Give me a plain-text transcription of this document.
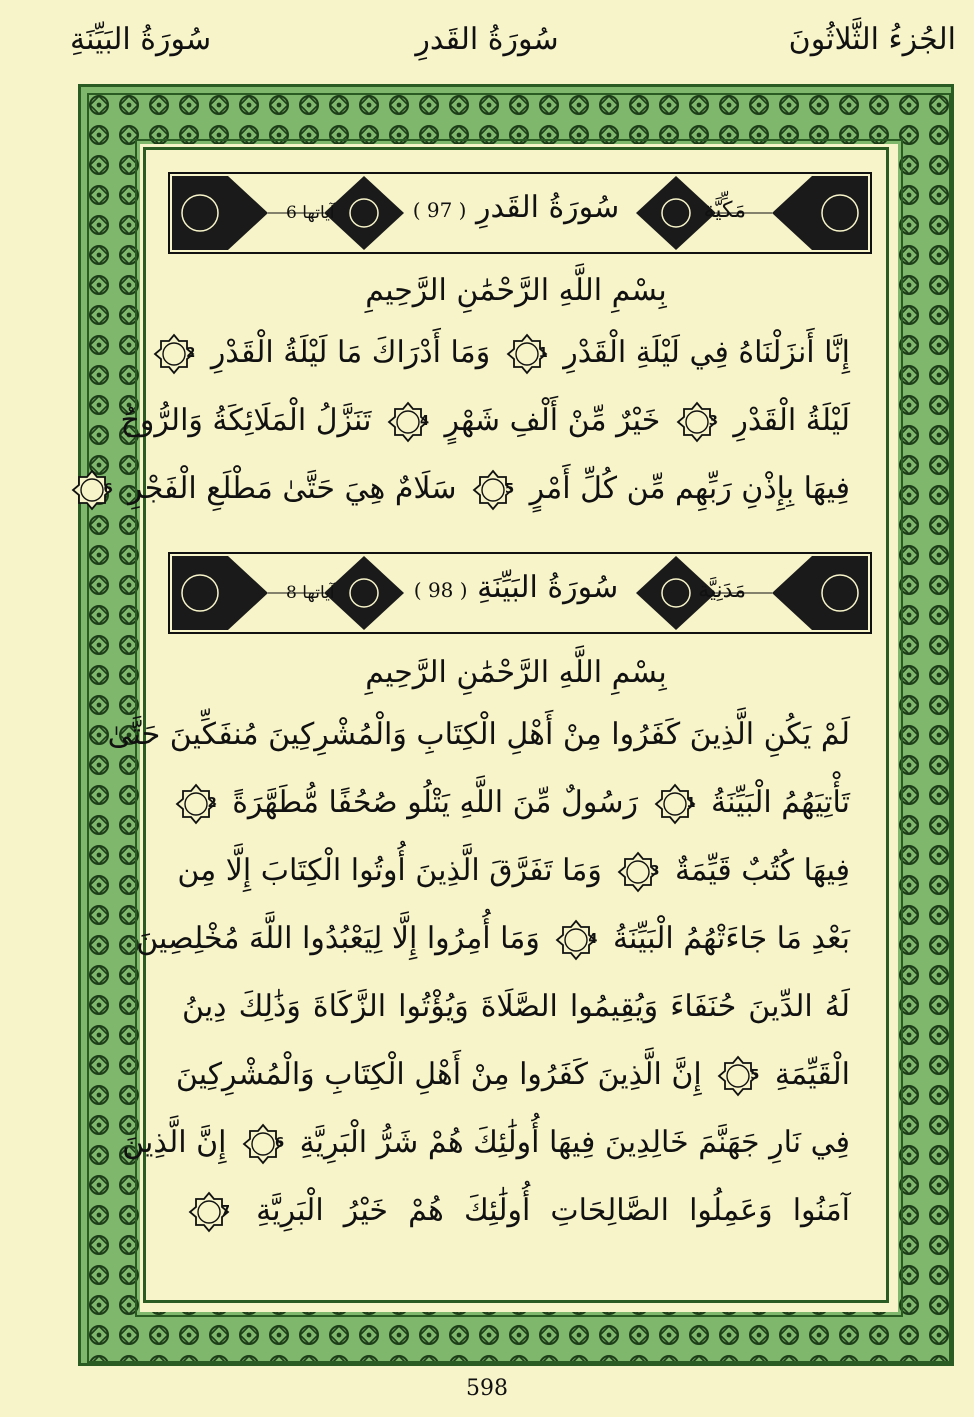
الجُزءُ الثَّلاثُونَ
سُورَةُ القَدرِ
سُورَةُ البَيِّنَةِ
مَكِّيَّة
سُورَةُ القَدرِ ( 97 )
آياتها 6
بِسْمِ اللَّهِ الرَّحْمَٰنِ الرَّحِيمِ
إِنَّا أَنزَلْنَاهُ فِي لَيْلَةِ الْقَدْرِ
1
وَمَا أَدْرَاكَ مَا لَيْلَةُ الْقَدْرِ
2
لَيْلَةُ الْقَدْرِ
3
خَيْرٌ مِّنْ أَلْفِ شَهْرٍ
4
تَنَزَّلُ الْمَلَائِكَةُ وَالرُّوحُ
فِيهَا بِإِذْنِ رَبِّهِم مِّن كُلِّ أَمْرٍ
5
سَلَامٌ هِيَ حَتَّىٰ مَطْلَعِ الْفَجْرِ
6
مَدَنِيَّة
سُورَةُ البَيِّنَةِ ( 98 )
آياتها 8
بِسْمِ اللَّهِ الرَّحْمَٰنِ الرَّحِيمِ
لَمْ يَكُنِ الَّذِينَ كَفَرُوا مِنْ أَهْلِ الْكِتَابِ وَالْمُشْرِكِينَ مُنفَكِّينَ حَتَّىٰ
تَأْتِيَهُمُ الْبَيِّنَةُ
1
رَسُولٌ مِّنَ اللَّهِ يَتْلُو صُحُفًا مُّطَهَّرَةً
2
فِيهَا كُتُبٌ قَيِّمَةٌ
3
وَمَا تَفَرَّقَ الَّذِينَ أُوتُوا الْكِتَابَ إِلَّا مِن
بَعْدِ مَا جَاءَتْهُمُ الْبَيِّنَةُ
4
وَمَا أُمِرُوا إِلَّا لِيَعْبُدُوا اللَّهَ مُخْلِصِينَ
لَهُ الدِّينَ حُنَفَاءَ وَيُقِيمُوا الصَّلَاةَ وَيُؤْتُوا الزَّكَاةَ وَذَٰلِكَ دِينُ
الْقَيِّمَةِ
5
إِنَّ الَّذِينَ كَفَرُوا مِنْ أَهْلِ الْكِتَابِ وَالْمُشْرِكِينَ
فِي نَارِ جَهَنَّمَ خَالِدِينَ فِيهَا أُولَٰئِكَ هُمْ شَرُّ الْبَرِيَّةِ
6
إِنَّ الَّذِينَ
آمَنُوا وَعَمِلُوا الصَّالِحَاتِ أُولَٰئِكَ هُمْ خَيْرُ الْبَرِيَّةِ
7
598
